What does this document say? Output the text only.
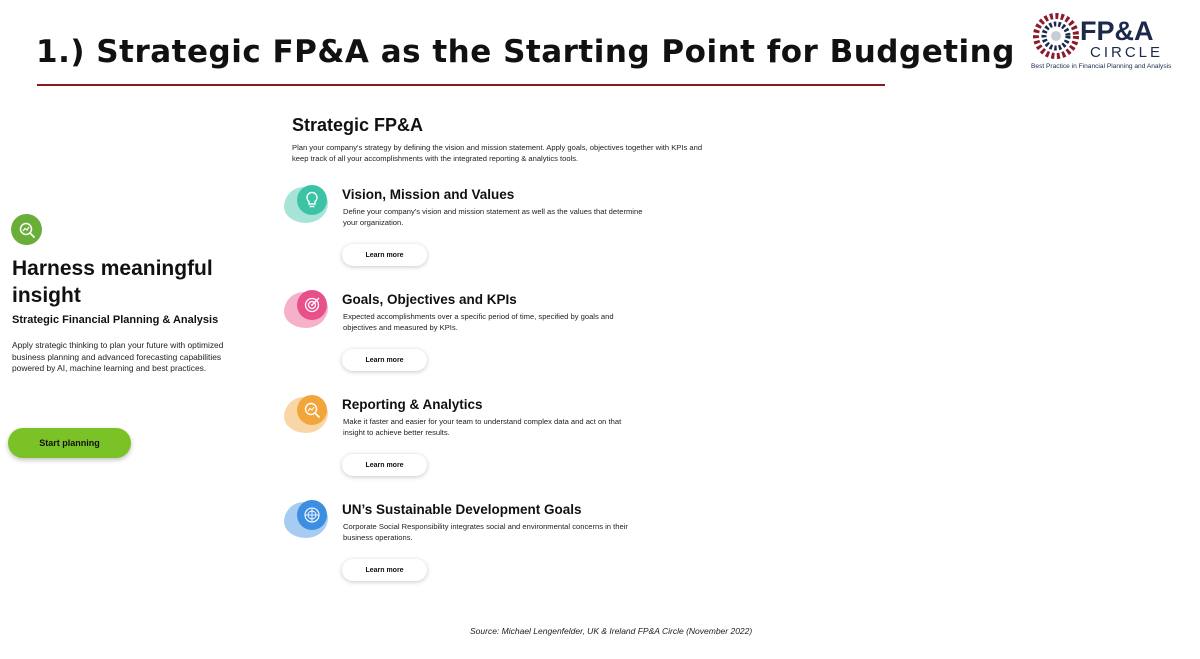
1.) Strategic FP&A as the Starting Point for Budgeting
FP&A
CIRCLE
Best Practice in Financial Planning and Analysis
Harness meaningful insight
Strategic Financial Planning & Analysis
Apply strategic thinking to plan your future with optimized business planning and advanced forecasting capabilities powered by AI, machine learning and best practices.
Start planning
Strategic FP&A
Plan your company's strategy by defining the vision and mission statement. Apply goals, objectives together with KPIs and keep track of all your accomplishments with the integrated reporting & analytics tools.
Vision, Mission and Values
Define your company's vision and mission statement as well as the values that determine your organization.
Learn more
Goals, Objectives and KPIs
Expected accomplishments over a specific period of time, specified by goals and objectives and measured by KPIs.
Learn more
Reporting & Analytics
Make it faster and easier for your team to understand complex data and act on that insight to achieve better results.
Learn more
UN’s Sustainable Development Goals
Corporate Social Responsibility integrates social and environmental concerns in their business operations.
Learn more
Source: Michael Lengenfelder, UK & Ireland FP&A Circle (November 2022)
